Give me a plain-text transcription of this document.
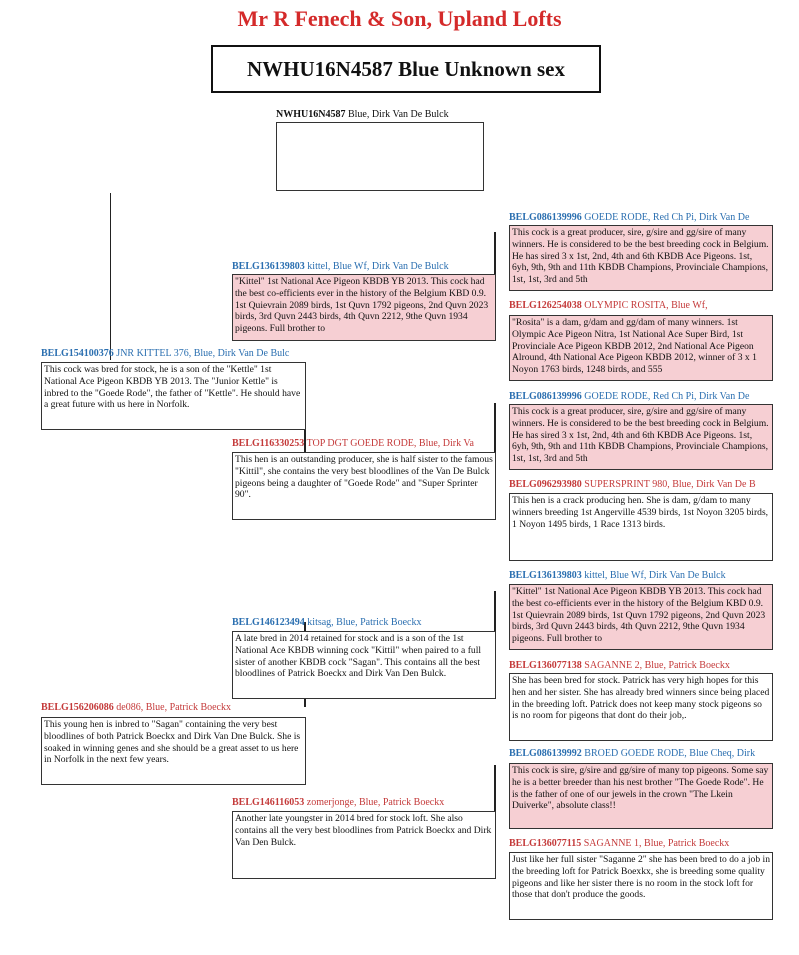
Mr R Fenech & Son, Upland Lofts
NWHU16N4587 Blue Unknown sex
NWHU16N4587 Blue, Dirk Van De Bulck
BELG154100376 JNR KITTEL 376, Blue, Dirk Van De Bulc
This cock was bred for stock, he is a son of the "Kettle" 1st National Ace Pigeon KBDB YB 2013. The "Junior Kettle" is inbred to the "Goede Rode", the father of "Kettle". He should have a great future with us here in Norfolk.
BELG156206086 de086, Blue, Patrick Boeckx
This young hen is inbred to "Sagan" containing the very best bloodlines of both Patrick Boeckx and Dirk Van Dne Bulck. She is soaked in winning genes and she should be a great asset to us here in Norfolk in the next few years.
BELG136139803 kittel, Blue Wf, Dirk Van De Bulck
"Kittel" 1st National Ace Pigeon KBDB YB 2013. This cock had the best co-efficients ever in the history of the Belgium KBD 0.9. 1st Quievrain 2089 birds, 1st Quvn 1792 pigeons, 2nd Quvn 2023 birds, 3rd Quvn 2443 birds, 4th Quvn 2212, 9the Quvn 1934 pigeons. Full brother to
BELG116330253 TOP DGT GOEDE RODE, Blue, Dirk Va
This hen is an outstanding producer, she is half sister to the famous "Kittil", she contains the very best bloodlines of the Van De Bulck pigeons being a daughter of "Goede Rode" and "Super Sprinter 90".
BELG146123494 kitsag, Blue, Patrick Boeckx
A late bred in 2014 retained for stock and is a son of the 1st National Ace KBDB winning cock "Kittil" when paired to a full sister of another KBDB cock "Sagan". This contains all the best bloodlines of Patrick Boeckx and Dirk Van Den Bulck.
BELG146116053 zomerjonge, Blue, Patrick Boeckx
Another late youngster in 2014 bred for stock loft. She also contains all the very best bloodlines from Patrick Boeckx and Dirk Van Den Bulck.
BELG086139996 GOEDE RODE, Red Ch Pi, Dirk Van De
This cock is a great producer, sire, g/sire and gg/sire of many winners. He is considered to be the best breeding cock in Belgium. He has sired 3 x 1st, 2nd, 4th and 6th KBDB Ace Pigeons. 1st, 6yh, 9th, 9th and 11th KBDB Champions, Provinciale Champions, 1st, 1st, 3rd and 5th
BELG126254038 OLYMPIC ROSITA, Blue Wf,
"Rosita" is a dam, g/dam and gg/dam of many winners. 1st Olympic Ace Pigeon Nitra, 1st National Ace Super Bird, 1st Provinciale Ace Pigeon KBDB 2012, 2nd National Ace Pigeon Alround, 4th National Ace Pigeon KBDB 2012, winner of 3 x 1 Noyon 1763 birds, 1248 birds, and 555
BELG086139996 GOEDE RODE, Red Ch Pi, Dirk Van De
This cock is a great producer, sire, g/sire and gg/sire of many winners. He is considered to be the best breeding cock in Belgium. He has sired 3 x 1st, 2nd, 4th and 6th KBDB Ace Pigeons. 1st, 6yh, 9th, 9th and 11th KBDB Champions, Provinciale Champions, 1st, 1st, 3rd and 5th
BELG096293980 SUPERSPRINT 980, Blue, Dirk Van De B
This hen is a crack producing hen. She is dam, g/dam to many winners breeding 1st Angerville 4539 birds, 1st Noyon 3205 birds, 1 Noyon 1495 birds, 1 Race 1313 birds.
BELG136139803 kittel, Blue Wf, Dirk Van De Bulck
"Kittel" 1st National Ace Pigeon KBDB YB 2013. This cock had the best co-efficients ever in the history of the Belgium KBD 0.9. 1st Quievrain 2089 birds, 1st Quvn 1792 pigeons, 2nd Quvn 2023 birds, 3rd Quvn 2443 birds, 4th Quvn 2212, 9the Quvn 1934 pigeons. Full brother to
BELG136077138 SAGANNE 2, Blue, Patrick Boeckx
She has been bred for stock. Patrick has very high hopes for this hen and her sister. She has already bred winners since being placed in the breeding loft. Patrick does not keep many stock pigeons so is no room for pigeons that dont do their job,.
BELG086139992 BROED GOEDE RODE, Blue Cheq, Dirk
This cock is sire, g/sire and gg/sire of many top pigeons. Some say he is a better breeder than his nest brother "The Goede Rode". He is the father of one of our jewels in the crown "The Lkein Duiverke", absolute class!!
BELG136077115 SAGANNE 1, Blue, Patrick Boeckx
Just like her full sister "Saganne 2" she has been bred to do a job in the breeding loft for Patrick Boexkx, she is breeding some quality pigeons and like her sister there is no room in the stock loft for those that don't produce the goods.
